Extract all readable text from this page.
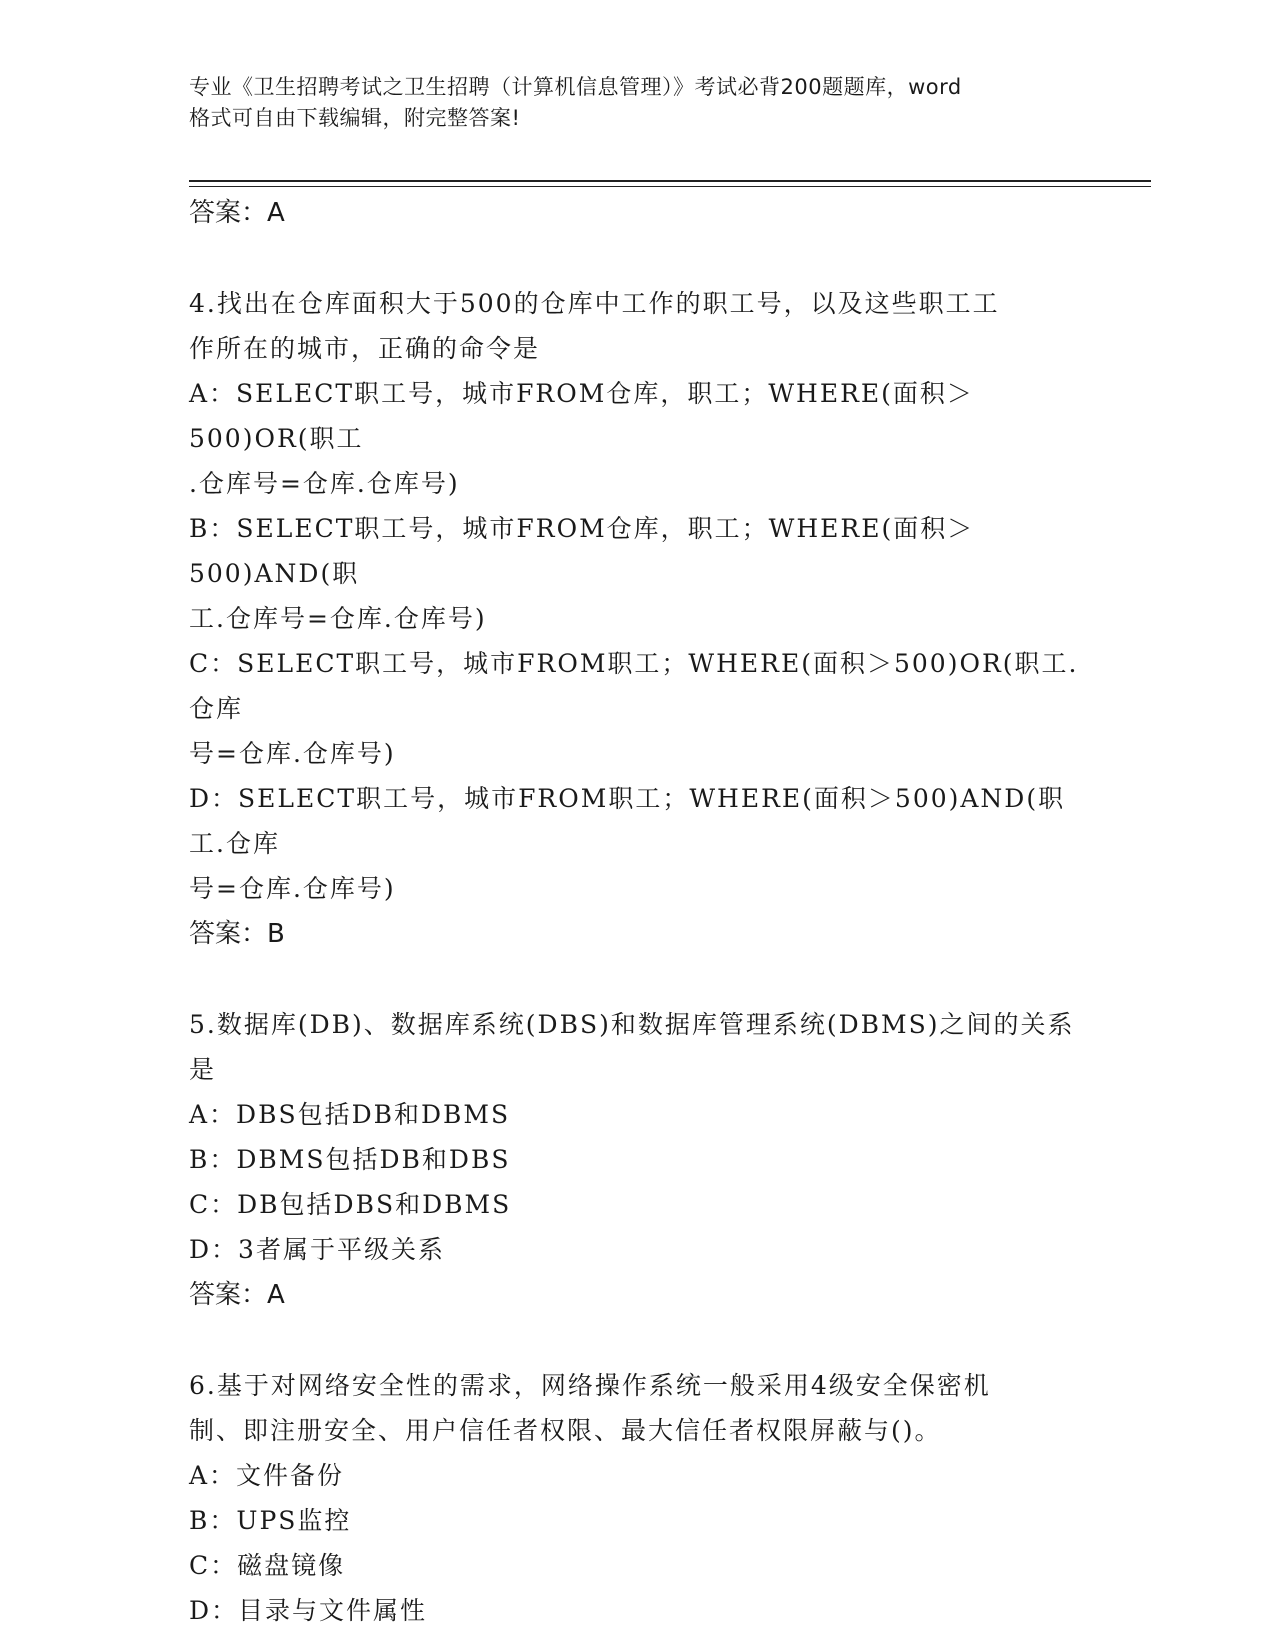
专业《卫生招聘考试之卫生招聘（计算机信息管理）》考试必背200题题库，word
格式可自由下载编辑，附完整答案!
答案：A
4.找出在仓库面积大于500的仓库中工作的职工号，以及这些职工工
作所在的城市，正确的命令是
A：SELECT职工号，城市FROM仓库，职工；WHERE(面积＞500)OR(职工
.仓库号=仓库.仓库号)
B：SELECT职工号，城市FROM仓库，职工；WHERE(面积＞500)AND(职
工.仓库号=仓库.仓库号)
C：SELECT职工号，城市FROM职工；WHERE(面积＞500)OR(职工.仓库
号=仓库.仓库号)
D：SELECT职工号，城市FROM职工；WHERE(面积＞500)AND(职工.仓库
号=仓库.仓库号)
答案：B
5.数据库(DB)、数据库系统(DBS)和数据库管理系统(DBMS)之间的关系
是
A：DBS包括DB和DBMS
B：DBMS包括DB和DBS
C：DB包括DBS和DBMS
D：3者属于平级关系
答案：A
6.基于对网络安全性的需求，网络操作系统一般采用4级安全保密机
制、即注册安全、用户信任者权限、最大信任者权限屏蔽与()。
A：文件备份
B：UPS监控
C：磁盘镜像
D：目录与文件属性
